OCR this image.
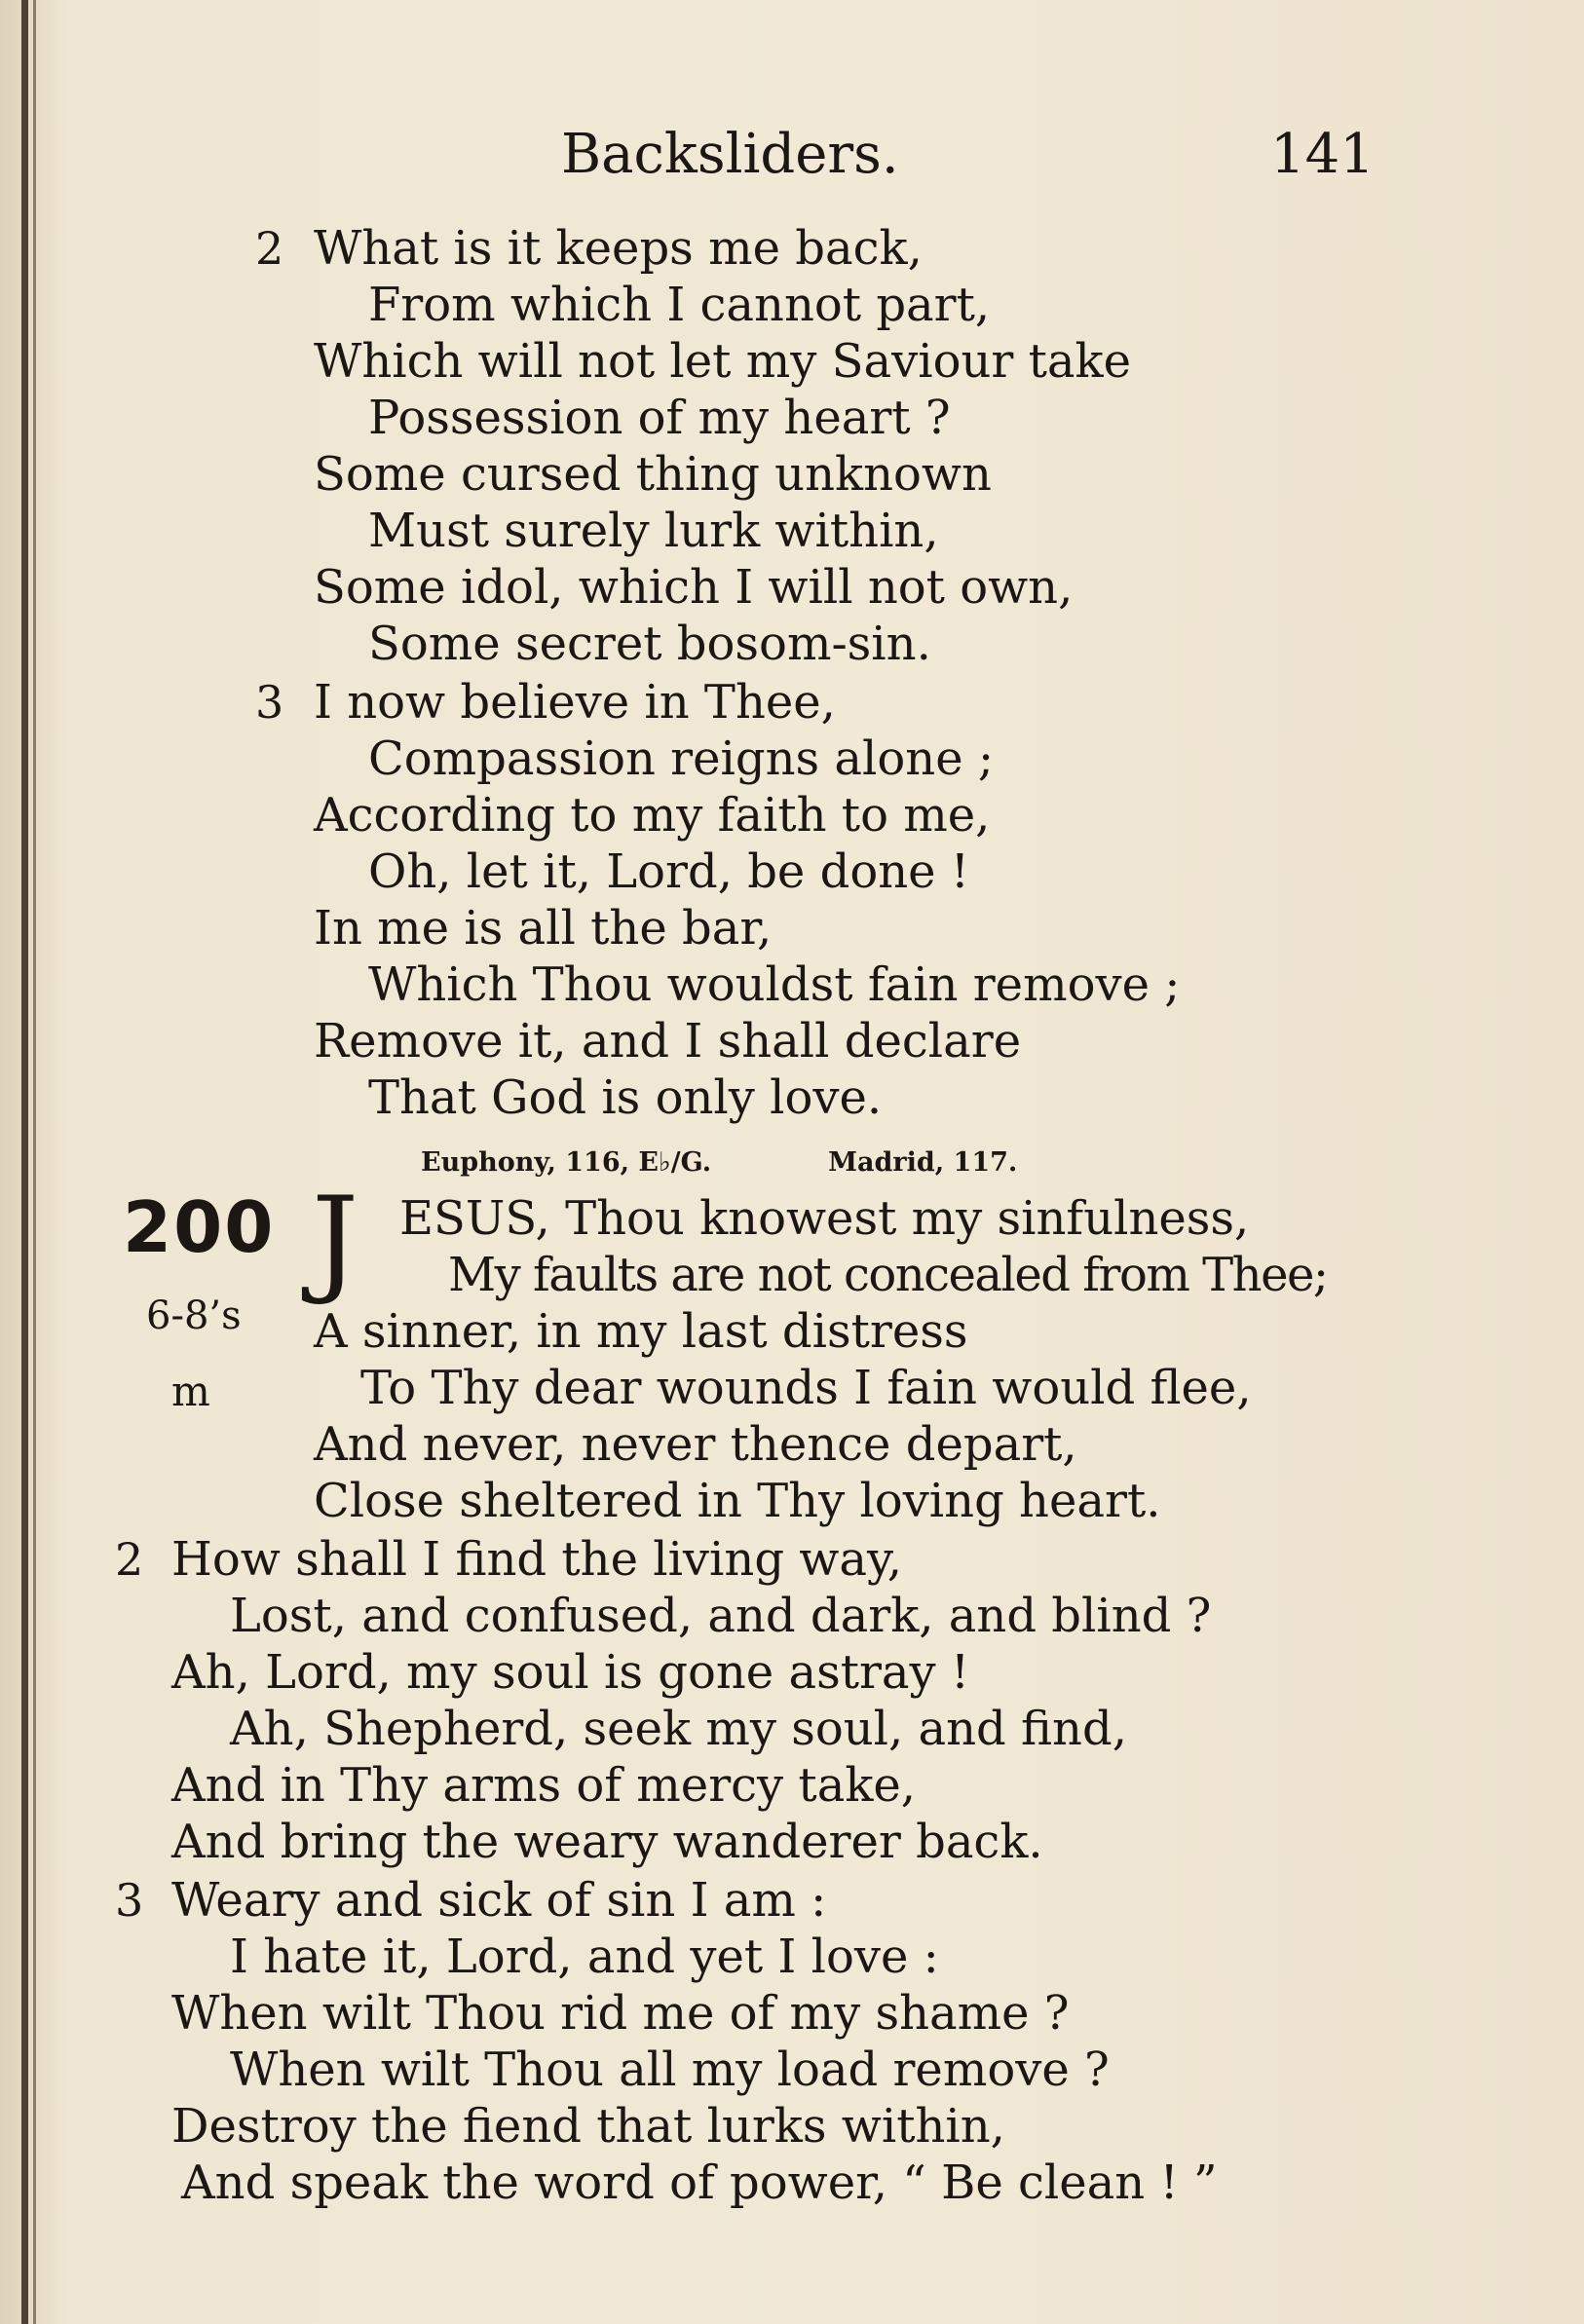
Backsliders.	141
2 What is it keeps me back,
From which I cannot part,
Which will not let my Saviour take
Possession of my heart ?
Some cursed thing unknown
Must surely lurk within,
Some idol, which I will not own,
Some secret bosom-sin.
3 I now believe in Thee,
Compassion reigns alone ;
According to my faith to me,
Oh, let it, Lord, be done !
In me is all the bar,
Which Thou wouldst fain remove ;
Remove it, and I shall declare
That God is only love.
Euphony, 116, E♭/G.	Madrid, 117.
200
6-8’s
m
J ESUS, Thou knowest my sinfulness,
My faults are not concealed from Thee;
A sinner, in my last distress
To Thy dear wounds I fain would flee,
And never, never thence depart,
Close sheltered in Thy loving heart.
2 How shall I find the living way,
Lost, and confused, and dark, and blind ?
Ah, Lord, my soul is gone astray !
Ah, Shepherd, seek my soul, and find,
And in Thy arms of mercy take,
And bring the weary wanderer back.
3 Weary and sick of sin I am :
I hate it, Lord, and yet I love :
When wilt Thou rid me of my shame ?
When wilt Thou all my load remove ?
Destroy the fiend that lurks within,
And speak the word of power, “ Be clean ! ”
